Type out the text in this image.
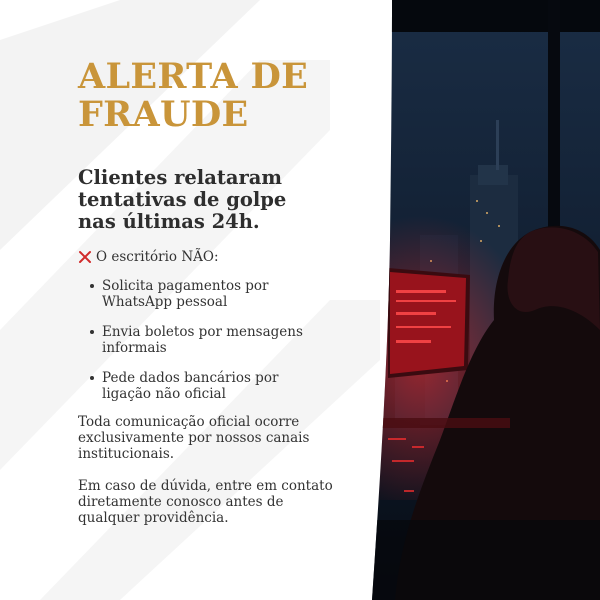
ALERTA DE
FRAUDE

Clientes relataram tentativas de golpe nas últimas 24h.

O escritório NÃO:
Solicita pagamentos por WhatsApp pessoal
Envia boletos por mensagens informais
Pede dados bancários por ligação não oficial

Toda comunicação oficial ocorre exclusivamente por nossos canais institucionais.

Em caso de dúvida, entre em contato diretamente conosco antes de qualquer providência.
